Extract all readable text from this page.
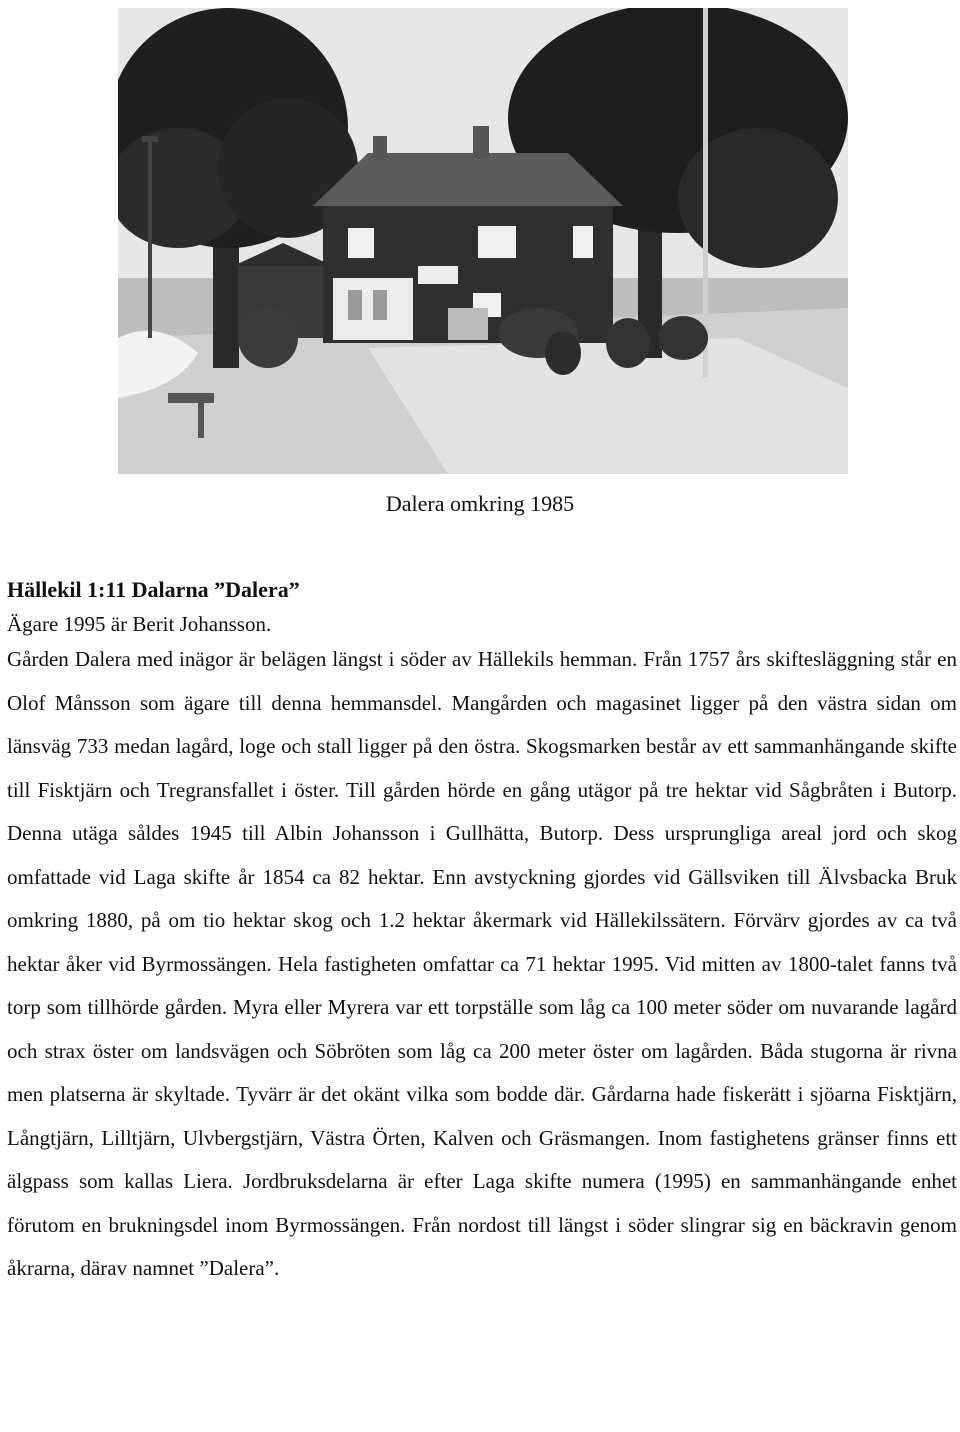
Dalera omkring 1985

Hällekil 1:11 Dalarna ”Dalera”

Ägare 1995 är Berit Johansson.

Gården Dalera med inägor är belägen längst i söder av Hällekils hemman. Från 1757 års skiftesläggning står en Olof Månsson som ägare till denna hemmansdel. Mangården och magasinet ligger på den västra sidan om länsväg 733 medan lagård, loge och stall ligger på den östra. Skogsmarken består av ett sammanhängande skifte till Fisktjärn och Tregransfallet i öster. Till gården hörde en gång utägor på tre hektar vid Sågbråten i Butorp. Denna utäga såldes 1945 till Albin Johansson i Gullhätta, Butorp. Dess ursprungliga areal jord och skog omfattade vid Laga skifte år 1854 ca 82 hektar. Enn avstyckning gjordes vid Gällsviken till Älvsbacka Bruk omkring 1880, på om tio hektar skog och 1.2 hektar åkermark vid Hällekilssätern. Förvärv gjordes av ca två hektar åker vid Byrmossängen. Hela fastigheten omfattar ca 71 hektar 1995. Vid mitten av 1800-talet fanns två torp som tillhörde gården. Myra eller Myrera var ett torpställe som låg ca 100 meter söder om nuvarande lagård och strax öster om landsvägen och Söbröten som låg ca 200 meter öster om lagården. Båda stugorna är rivna men platserna är skyltade. Tyvärr är det okänt vilka som bodde där. Gårdarna hade fiskerätt i sjöarna Fisktjärn, Långtjärn, Lilltjärn, Ulvbergstjärn, Västra Örten, Kalven och Gräsmangen. Inom fastighetens gränser finns ett älgpass som kallas Liera. Jordbruksdelarna är efter Laga skifte numera (1995) en sammanhängande enhet förutom en brukningsdel inom Byrmossängen. Från nordost till längst i söder slingrar sig en bäckravin genom åkrarna, därav namnet ”Dalera”.
